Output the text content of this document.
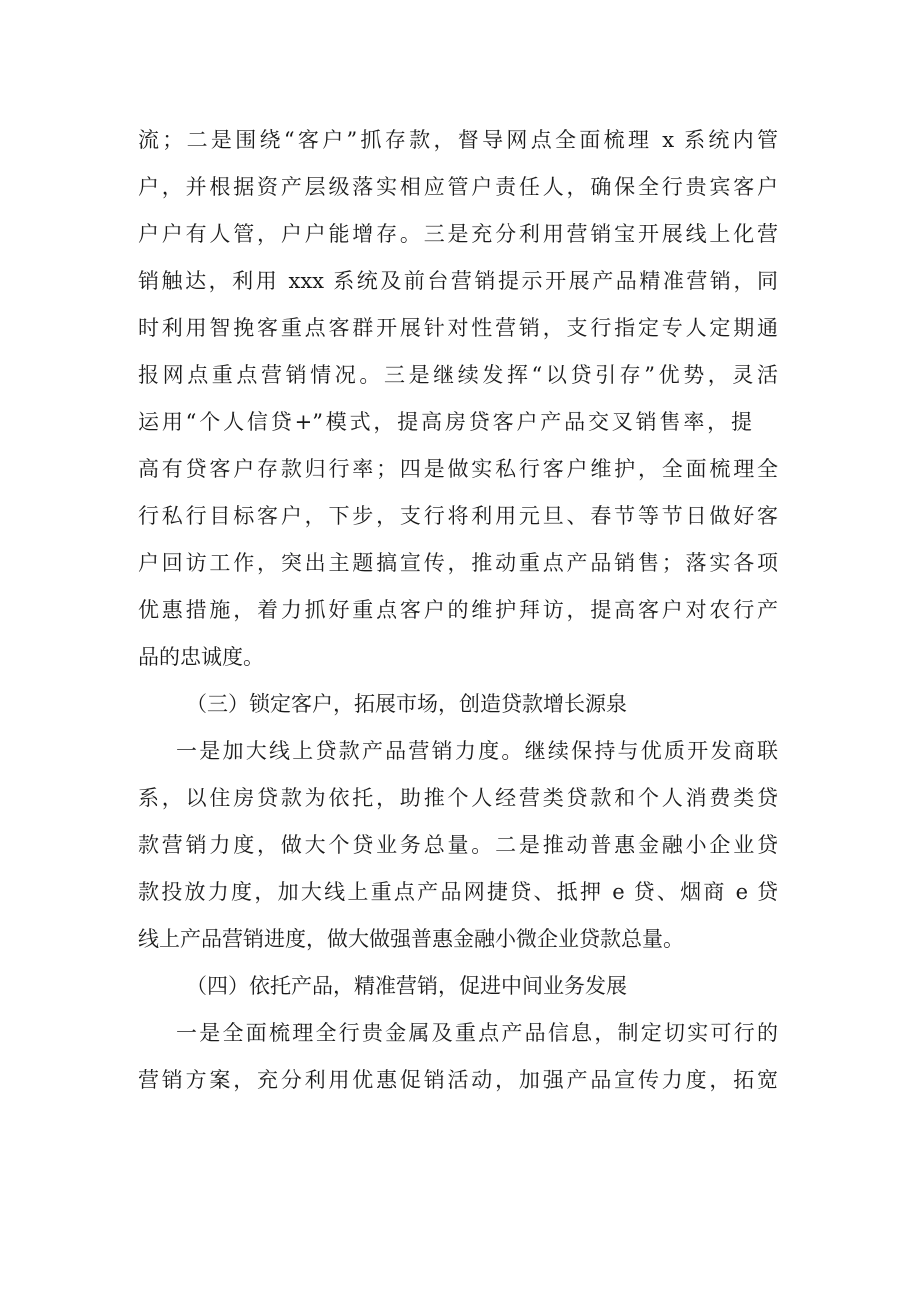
流；二是围绕“客户”抓存款，督导网点全面梳理 x 系统内管
户，并根据资产层级落实相应管户责任人，确保全行贵宾客户
户户有人管，户户能增存。三是充分利用营销宝开展线上化营
销触达，利用 xxx 系统及前台营销提示开展产品精准营销，同
时利用智挽客重点客群开展针对性营销，支行指定专人定期通
报网点重点营销情况。三是继续发挥“以贷引存”优势，灵活
运用“个人信贷+”模式，提高房贷客户产品交叉销售率，提
高有贷客户存款归行率；四是做实私行客户维护，全面梳理全
行私行目标客户，下步，支行将利用元旦、春节等节日做好客
户回访工作，突出主题搞宣传，推动重点产品销售；落实各项
优惠措施，着力抓好重点客户的维护拜访，提高客户对农行产
品的忠诚度。
（三）锁定客户，拓展市场，创造贷款增长源泉
一是加大线上贷款产品营销力度。继续保持与优质开发商联
系，以住房贷款为依托，助推个人经营类贷款和个人消费类贷
款营销力度，做大个贷业务总量。二是推动普惠金融小企业贷
款投放力度，加大线上重点产品网捷贷、抵押 e 贷、烟商 e 贷
线上产品营销进度，做大做强普惠金融小微企业贷款总量。
（四）依托产品，精准营销，促进中间业务发展
一是全面梳理全行贵金属及重点产品信息，制定切实可行的
营销方案，充分利用优惠促销活动，加强产品宣传力度，拓宽
